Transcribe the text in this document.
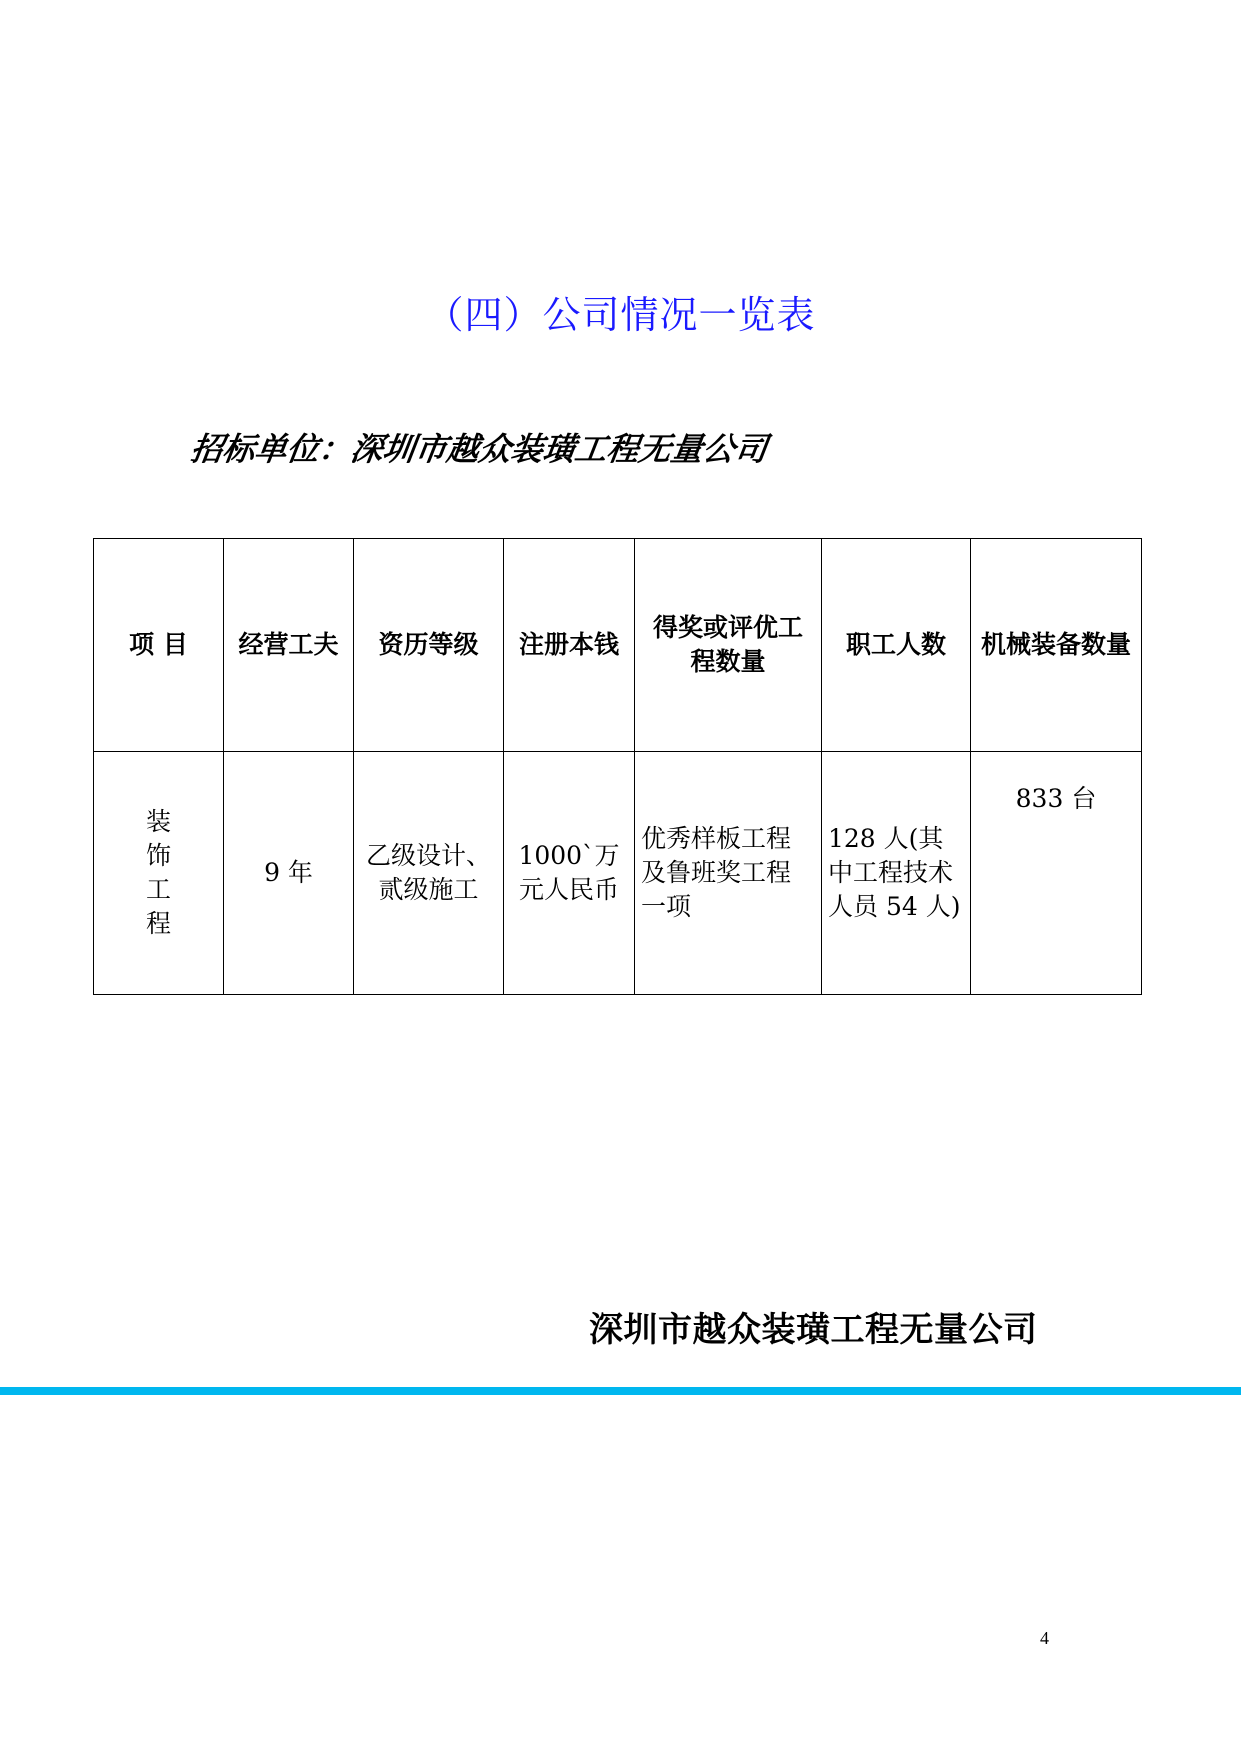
（四）公司情况一览表
招标单位：深圳市越众装璜工程无量公司
项 目	经营工夫	资历等级	注册本钱	得奖或评优工程数量	职工人数	机械装备数量

装
饰
工
程	9 年	乙级设计、贰级施工	1000`万元人民币	优秀样板工程及鲁班奖工程一项	128 人(其中工程技术人员 54 人)	833 台
深圳市越众装璜工程无量公司
4
